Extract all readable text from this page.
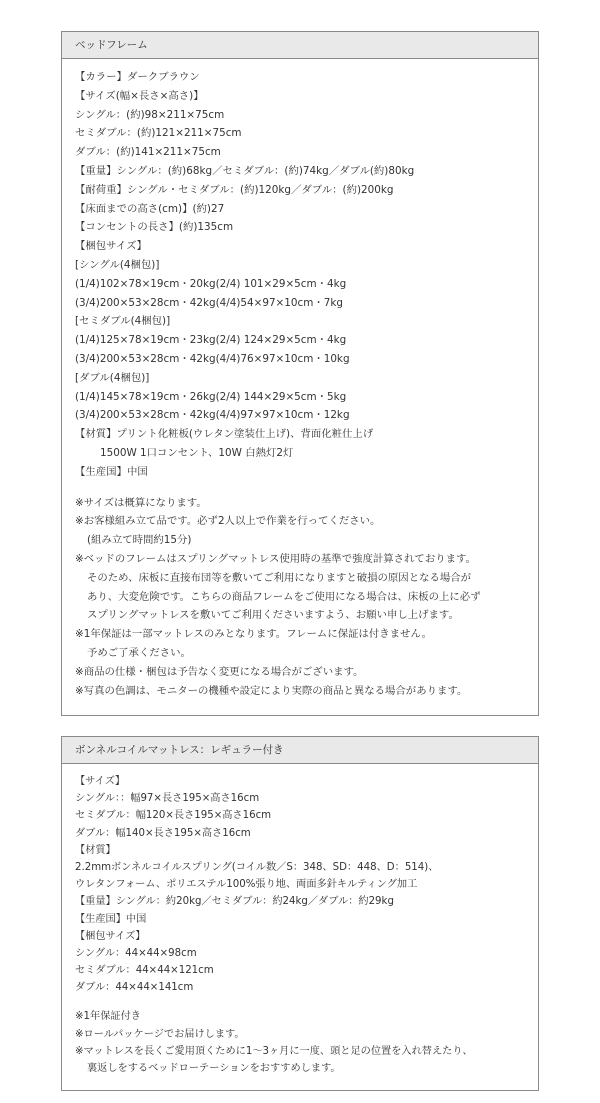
ベッドフレーム
【カラー】ダークブラウン
【サイズ(幅×長さ×高さ)】
シングル：(約)98×211×75cm
セミダブル：(約)121×211×75cm
ダブル：(約)141×211×75cm
【重量】シングル：(約)68kg／セミダブル：(約)74kg／ダブル(約)80kg
【耐荷重】シングル・セミダブル：(約)120kg／ダブル：(約)200kg
【床面までの高さ(cm)】(約)27
【コンセントの長さ】(約)135cm
【梱包サイズ】
[シングル(4梱包)]
(1/4)102×78×19cm・20kg(2/4) 101×29×5cm・4kg
(3/4)200×53×28cm・42kg(4/4)54×97×10cm・7kg
[セミダブル(4梱包)]
(1/4)125×78×19cm・23kg(2/4) 124×29×5cm・4kg
(3/4)200×53×28cm・42kg(4/4)76×97×10cm・10kg
[ダブル(4梱包)]
(1/4)145×78×19cm・26kg(2/4) 144×29×5cm・5kg
(3/4)200×53×28cm・42kg(4/4)97×97×10cm・12kg
【材質】プリント化粧板(ウレタン塗装仕上げ)、背面化粧仕上げ
1500W 1口コンセント、10W 白熱灯2灯
【生産国】中国
※サイズは概算になります。
※お客様組み立て品です。必ず2人以上で作業を行ってください。
(組み立て時間約15分)
※ベッドのフレームはスプリングマットレス使用時の基準で強度計算されております。
そのため、床板に直接布団等を敷いてご利用になりますと破損の原因となる場合が
あり、大変危険です。こちらの商品フレームをご使用になる場合は、床板の上に必ず
スプリングマットレスを敷いてご利用くださいますよう、お願い申し上げます。
※1年保証は一部マットレスのみとなります。フレームに保証は付きません。
予めご了承ください。
※商品の仕様・梱包は予告なく変更になる場合がございます。
※写真の色調は、モニターの機種や設定により実際の商品と異なる場合があります。
ボンネルコイルマットレス：レギュラー付き
【サイズ】
シングル：：幅97×長さ195×高さ16cm
セミダブル：幅120×長さ195×高さ16cm
ダブル：幅140×長さ195×高さ16cm
【材質】
2.2mmボンネルコイルスプリング(コイル数／S：348、SD：448、D：514)、
ウレタンフォーム、ポリエステル100%張り地、両面多針キルティング加工
【重量】シングル：約20kg／セミダブル：約24kg／ダブル：約29kg
【生産国】中国
【梱包サイズ】
シングル：44×44×98cm
セミダブル：44×44×121cm
ダブル：44×44×141cm
※1年保証付き
※ロールパッケージでお届けします。
※マットレスを長くご愛用頂くために1〜3ヶ月に一度、頭と足の位置を入れ替えたり、
裏返しをするベッドローテーションをおすすめします。
